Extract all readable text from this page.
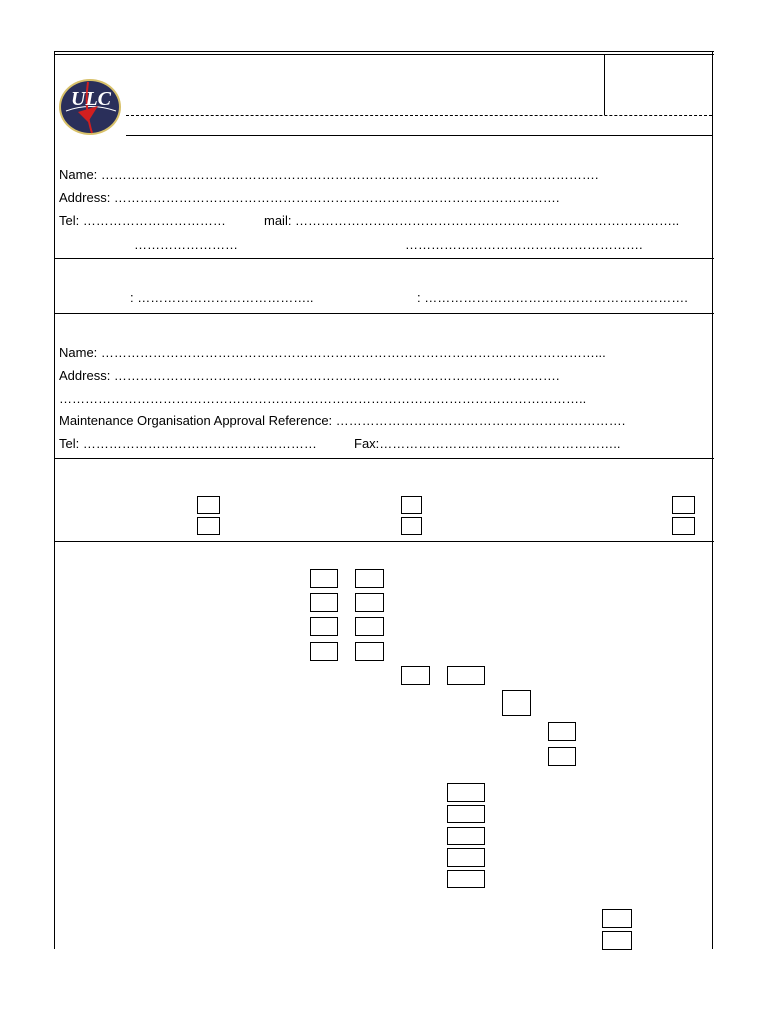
ULC
Name: …………………………………………………………………………………………………….
Address: ………………………………………………………………………………………….
Tel: ……………………………	mail: ……………………………………………………………………………..
……………………	……………………………………………….
: …………………………………..	: …………………………………………………….
Name: ……………………………………………………………………………………………………...
Address: ………………………………………………………………………………………….
…………………………………………………………………………………………………………..
Maintenance Organisation Approval Reference: ………………………………………………………….
Tel: ………………………………………………	Fax:………………………………………………..
